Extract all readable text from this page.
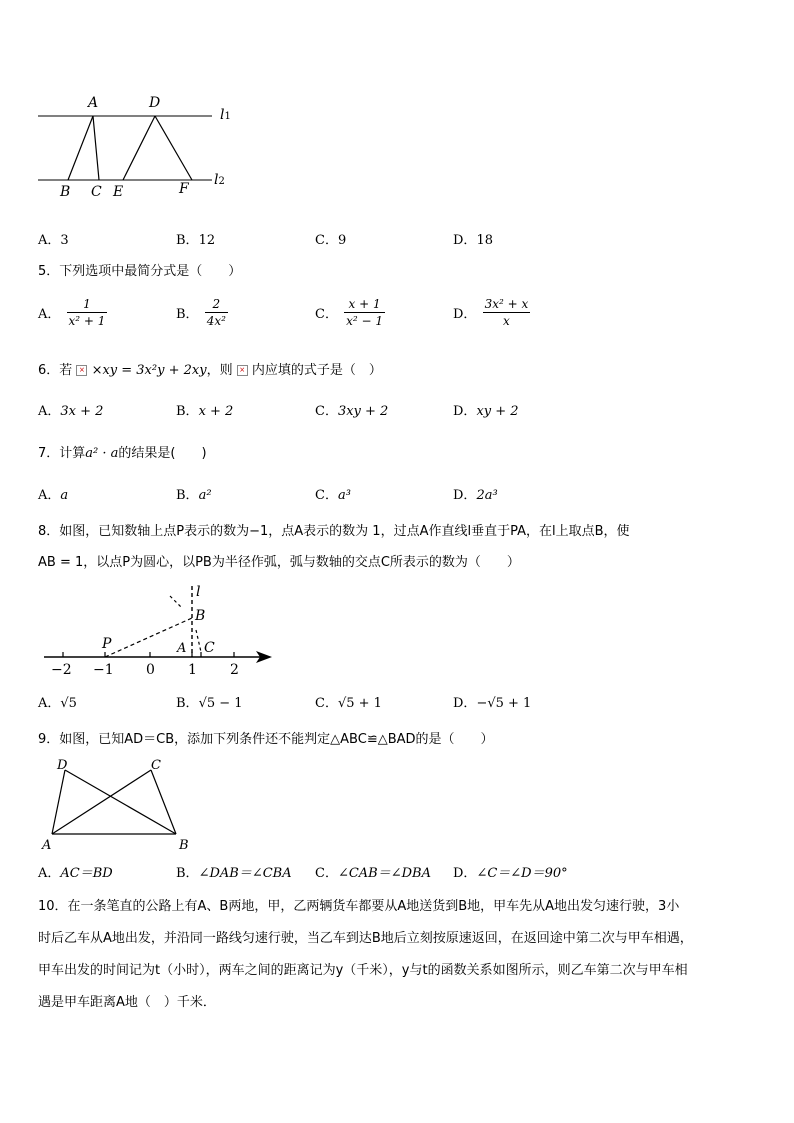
A	D
B C E	F
l1
l2
A．3	B．12	C．9	D．18
5．下列选项中最简分式是（　　）
A． $\frac{1}{\text{x² + 1}}$	B． $\frac{2}{\text{4x²}}$	C． $\frac{x + 1}{\text{x² − 1}}$	D． $\frac{\text{3x² + x}}{x}$
6．若 × ×xy = 3x²y + 2xy，则 × 内应填的式子是（　）
A．3x + 2	B．x + 2	C．3xy + 2	D．xy + 2
7．计算a² · a的结果是(　　)
A．a	B．a²	C．a³	D．2a³
8．如图，已知数轴上点P表示的数为−1，点A表示的数为 1，过点A作直线l垂直于PA，在l上取点B，使
AB = 1，以点P为圆心，以PB为半径作弧，弧与数轴的交点C所表示的数为（　　）
l
B
P	A C
−2 −1 0 1 2
A．√5	B．√5 − 1	C．√5 + 1	D．−√5 + 1
9．如图，已知AD＝CB，添加下列条件还不能判定△ABC≌△BAD的是（　　）
D	C
A	B
A．AC＝BD	B．∠DAB＝∠CBA C．∠CAB＝∠DBA D．∠C＝∠D＝90°
10．在一条笔直的公路上有A、B两地，甲，乙两辆货车都要从A地送货到B地，甲车先从A地出发匀速行驶，3小
时后乙车从A地出发，并沿同一路线匀速行驶，当乙车到达B地后立刻按原速返回，在返回途中第二次与甲车相遇，
甲车出发的时间记为t（小时），两车之间的距离记为y（千米），y与t的函数关系如图所示，则乙车第二次与甲车相
遇是甲车距离A地（　）千米．
